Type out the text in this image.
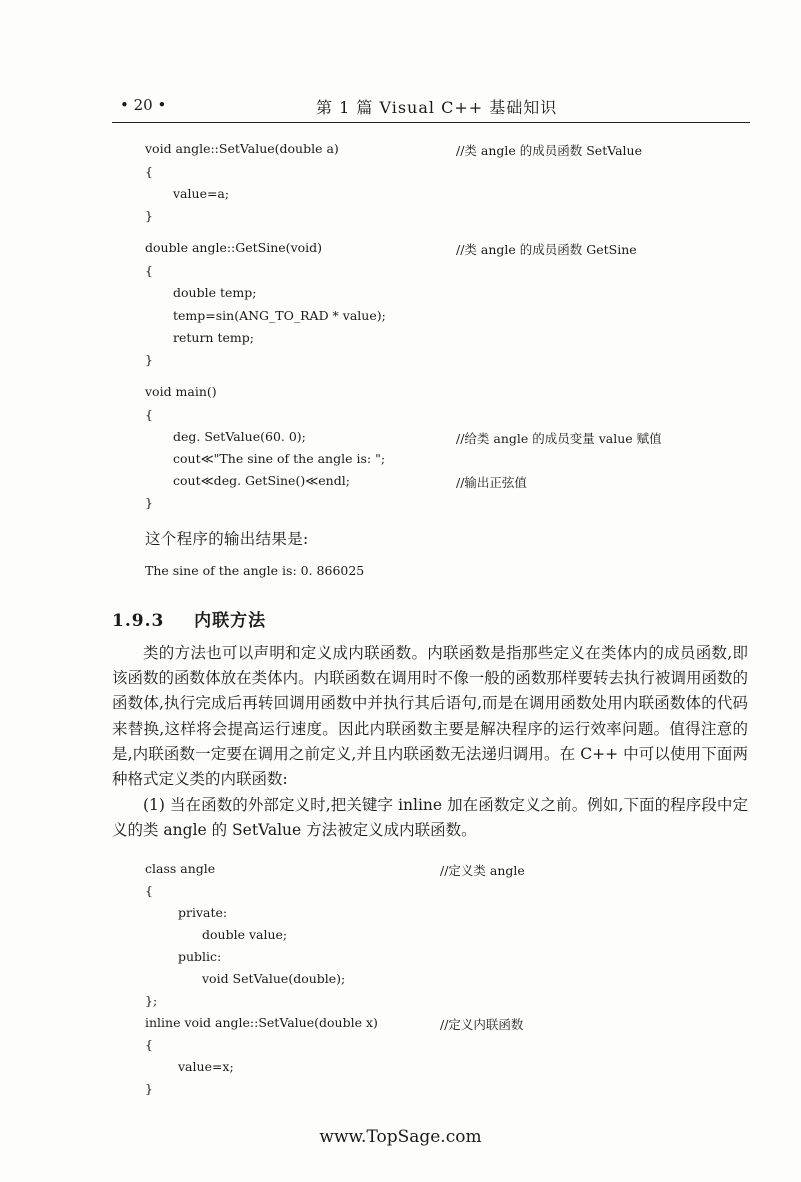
• 20 •	第 1 篇 Visual C++ 基础知识
void angle::SetValue(double a)	//类 angle 的成员函数 SetValue
{
value=a;
}
double angle::GetSine(void)	//类 angle 的成员函数 GetSine
{
double temp;
temp=sin(ANG_TO_RAD * value);
return temp;
}
void main()
{
deg. SetValue(60. 0);	//给类 angle 的成员变量 value 赋值
cout≪"The sine of the angle is: ";
cout≪deg. GetSine()≪endl;	//输出正弦值
}
这个程序的输出结果是:
The sine of the angle is: 0. 866025
1.9.3 内联方法
类的方法也可以声明和定义成内联函数。内联函数是指那些定义在类体内的成员函数,即该函数的函数体放在类体内。内联函数在调用时不像一般的函数那样要转去执行被调用函数的函数体,执行完成后再转回调用函数中并执行其后语句,而是在调用函数处用内联函数体的代码来替换,这样将会提高运行速度。因此内联函数主要是解决程序的运行效率问题。值得注意的是,内联函数一定要在调用之前定义,并且内联函数无法递归调用。在 C++ 中可以使用下面两种格式定义类的内联函数:
(1) 当在函数的外部定义时,把关键字 inline 加在函数定义之前。例如,下面的程序段中定义的类 angle 的 SetValue 方法被定义成内联函数。
class angle	//定义类 angle
{
private:
double value;
public:
void SetValue(double);
};
inline void angle::SetValue(double x)	//定义内联函数
{
value=x;
}
www.TopSage.com
